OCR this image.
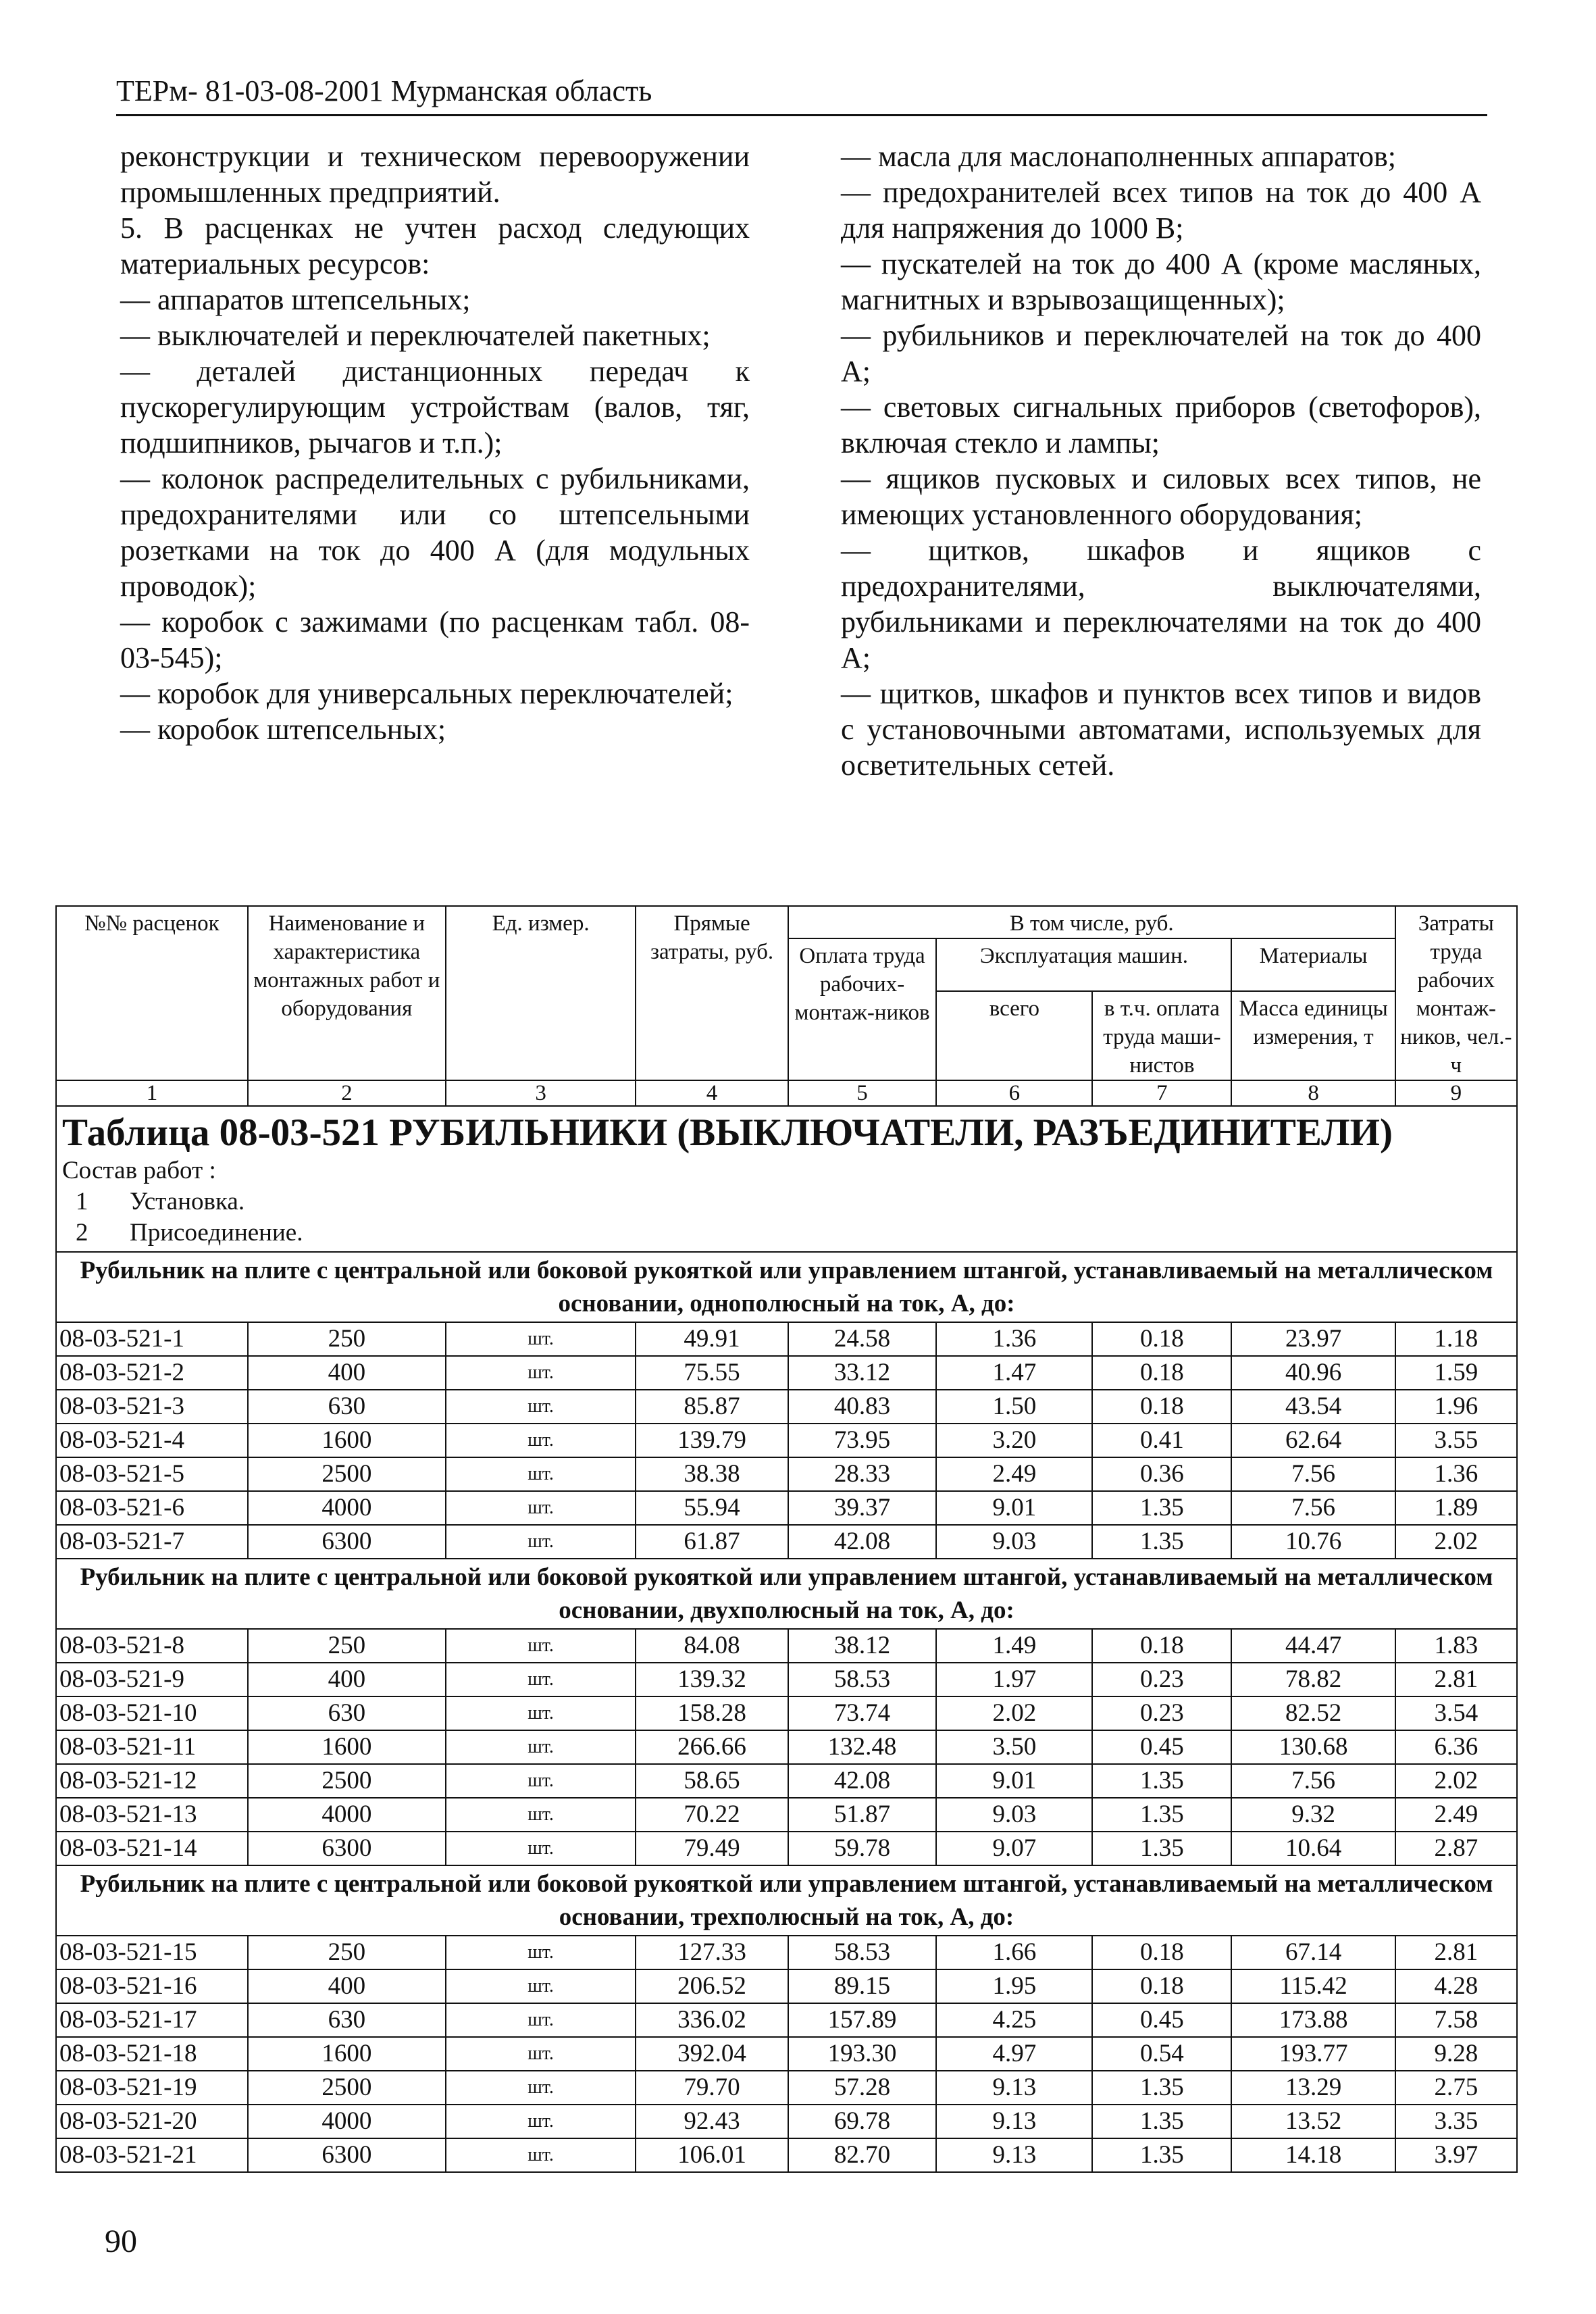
ТЕРм- 81-03-08-2001 Мурманская область

реконструкции и техническом перевооружении промышленных предприятий.

5. В расценках не учтен расход следующих материальных ресурсов:

— аппаратов штепсельных;

— выключателей и переключателей пакетных;

— деталей дистанционных передач к пускорегулирующим устройствам (валов, тяг, подшипников, рычагов и т.п.);

— колонок распределительных с рубильниками, предохранителями или со штепсельными розетками на ток до 400 А (для модульных проводок);

— коробок с зажимами (по расценкам табл. 08-03-545);

— коробок для универсальных переключателей;

— коробок штепсельных;

— масла для маслонаполненных аппаратов;

— предохранителей всех типов на ток до 400 А для напряжения до 1000 В;

— пускателей на ток до 400 А (кроме масляных, магнитных и взрывозащищенных);

— рубильников и переключателей на ток до 400 А;

— световых сигнальных приборов (светофоров), включая стекло и лампы;

— ящиков пусковых и силовых всех типов, не имеющих установленного оборудования;

— щитков, шкафов и ящиков с предохранителями, выключателями, рубильниками и переключателями на ток до 400 А;

— щитков, шкафов и пунктов всех типов и видов с установочными автоматами, используемых для осветительных сетей.

№№ расценок	Наименование и характеристика монтажных работ и оборудования	Ед. измер.	Прямые затраты, руб.	В том числе, руб.				Затраты труда рабочих монтаж-ников, чел.-ч
				Оплата труда рабочих-монтаж-ников	Эксплуатация машин.		Материалы	
					всего	в т.ч. оплата труда маши-нистов	Масса единицы измерения, т	
1	2	3	4	5	6	7	8	9

Таблица 08-03-521 РУБИЛЬНИКИ (ВЫКЛЮЧАТЕЛИ, РАЗЪЕДИНИТЕЛИ)
Состав работ :
1 Установка.
2 Присоединение.								

Рубильник на плите с центральной или боковой рукояткой или управлением штангой, устанавливаемый на металлическом основании, однополюсный на ток, А, до:								
08-03-521-1	250	шт.	49.91	24.58	1.36	0.18	23.97	1.18
08-03-521-2	400	шт.	75.55	33.12	1.47	0.18	40.96	1.59
08-03-521-3	630	шт.	85.87	40.83	1.50	0.18	43.54	1.96
08-03-521-4	1600	шт.	139.79	73.95	3.20	0.41	62.64	3.55
08-03-521-5	2500	шт.	38.38	28.33	2.49	0.36	7.56	1.36
08-03-521-6	4000	шт.	55.94	39.37	9.01	1.35	7.56	1.89
08-03-521-7	6300	шт.	61.87	42.08	9.03	1.35	10.76	2.02
Рубильник на плите с центральной или боковой рукояткой или управлением штангой, устанавливаемый на металлическом основании, двухполюсный на ток, А, до:								
08-03-521-8	250	шт.	84.08	38.12	1.49	0.18	44.47	1.83
08-03-521-9	400	шт.	139.32	58.53	1.97	0.23	78.82	2.81
08-03-521-10	630	шт.	158.28	73.74	2.02	0.23	82.52	3.54
08-03-521-11	1600	шт.	266.66	132.48	3.50	0.45	130.68	6.36
08-03-521-12	2500	шт.	58.65	42.08	9.01	1.35	7.56	2.02
08-03-521-13	4000	шт.	70.22	51.87	9.03	1.35	9.32	2.49
08-03-521-14	6300	шт.	79.49	59.78	9.07	1.35	10.64	2.87
Рубильник на плите с центральной или боковой рукояткой или управлением штангой, устанавливаемый на металлическом основании, трехполюсный на ток, А, до:								
08-03-521-15	250	шт.	127.33	58.53	1.66	0.18	67.14	2.81
08-03-521-16	400	шт.	206.52	89.15	1.95	0.18	115.42	4.28
08-03-521-17	630	шт.	336.02	157.89	4.25	0.45	173.88	7.58
08-03-521-18	1600	шт.	392.04	193.30	4.97	0.54	193.77	9.28
08-03-521-19	2500	шт.	79.70	57.28	9.13	1.35	13.29	2.75
08-03-521-20	4000	шт.	92.43	69.78	9.13	1.35	13.52	3.35
08-03-521-21	6300	шт.	106.01	82.70	9.13	1.35	14.18	3.97
90
